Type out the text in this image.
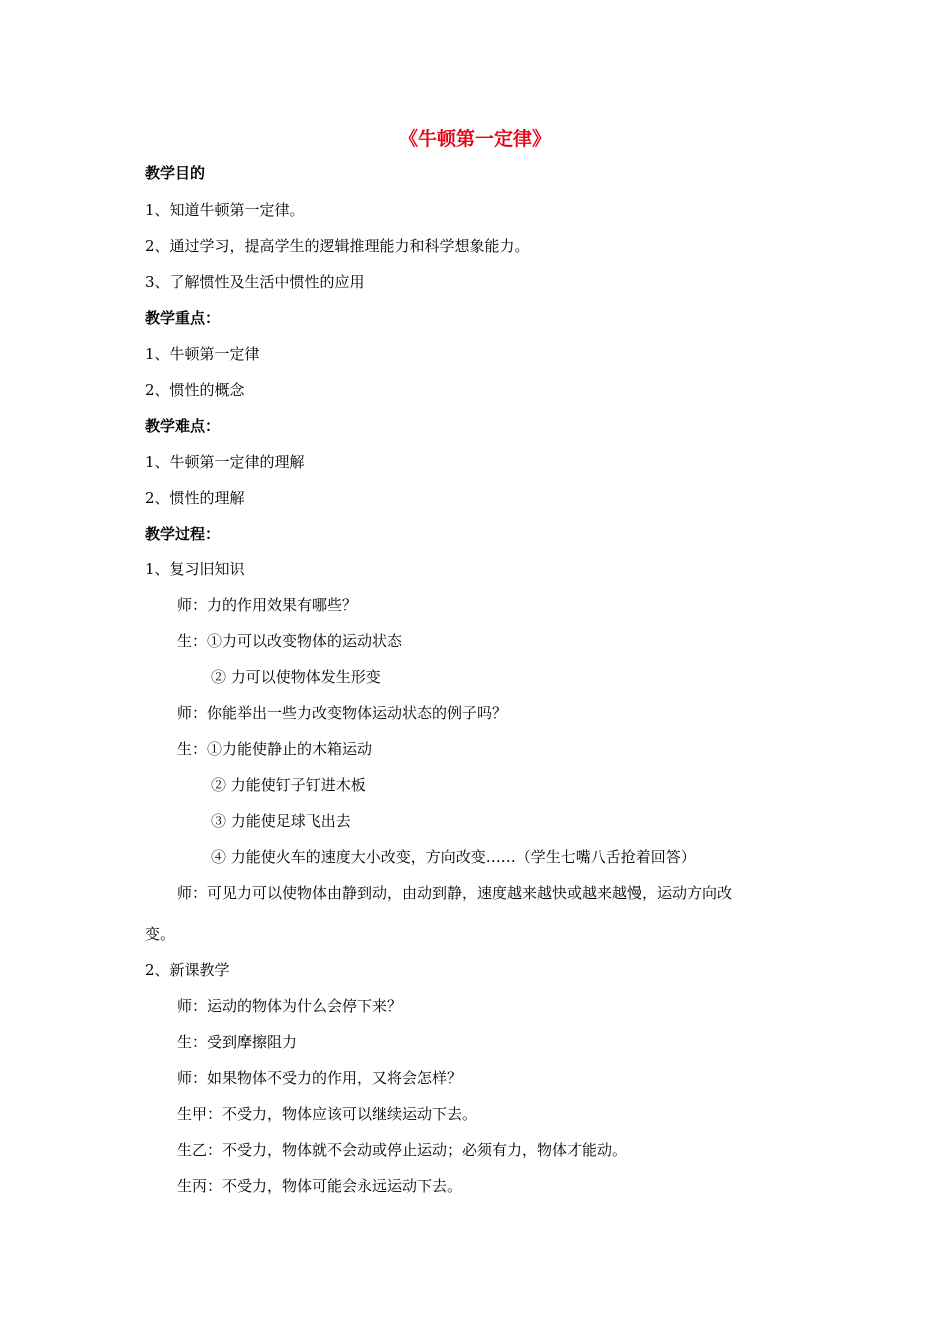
《牛顿第一定律》
教学目的
1、知道牛顿第一定律。
2、通过学习，提高学生的逻辑推理能力和科学想象能力。
3、了解惯性及生活中惯性的应用
教学重点：
1、牛顿第一定律
2、惯性的概念
教学难点：
1、牛顿第一定律的理解
2、惯性的理解
教学过程：
1、复习旧知识
师：力的作用效果有哪些？
生：①力可以改变物体的运动状态
② 力可以使物体发生形变
师：你能举出一些力改变物体运动状态的例子吗？
生：①力能使静止的木箱运动
② 力能使钉子钉进木板
③ 力能使足球飞出去
④ 力能使火车的速度大小改变，方向改变……（学生七嘴八舌抢着回答）
师：可见力可以使物体由静到动，由动到静，速度越来越快或越来越慢，运动方向改
变。
2、新课教学
师：运动的物体为什么会停下来？
生：受到摩擦阻力
师：如果物体不受力的作用，又将会怎样？
生甲：不受力，物体应该可以继续运动下去。
生乙：不受力，物体就不会动或停止运动；必须有力，物体才能动。
生丙：不受力，物体可能会永远运动下去。
